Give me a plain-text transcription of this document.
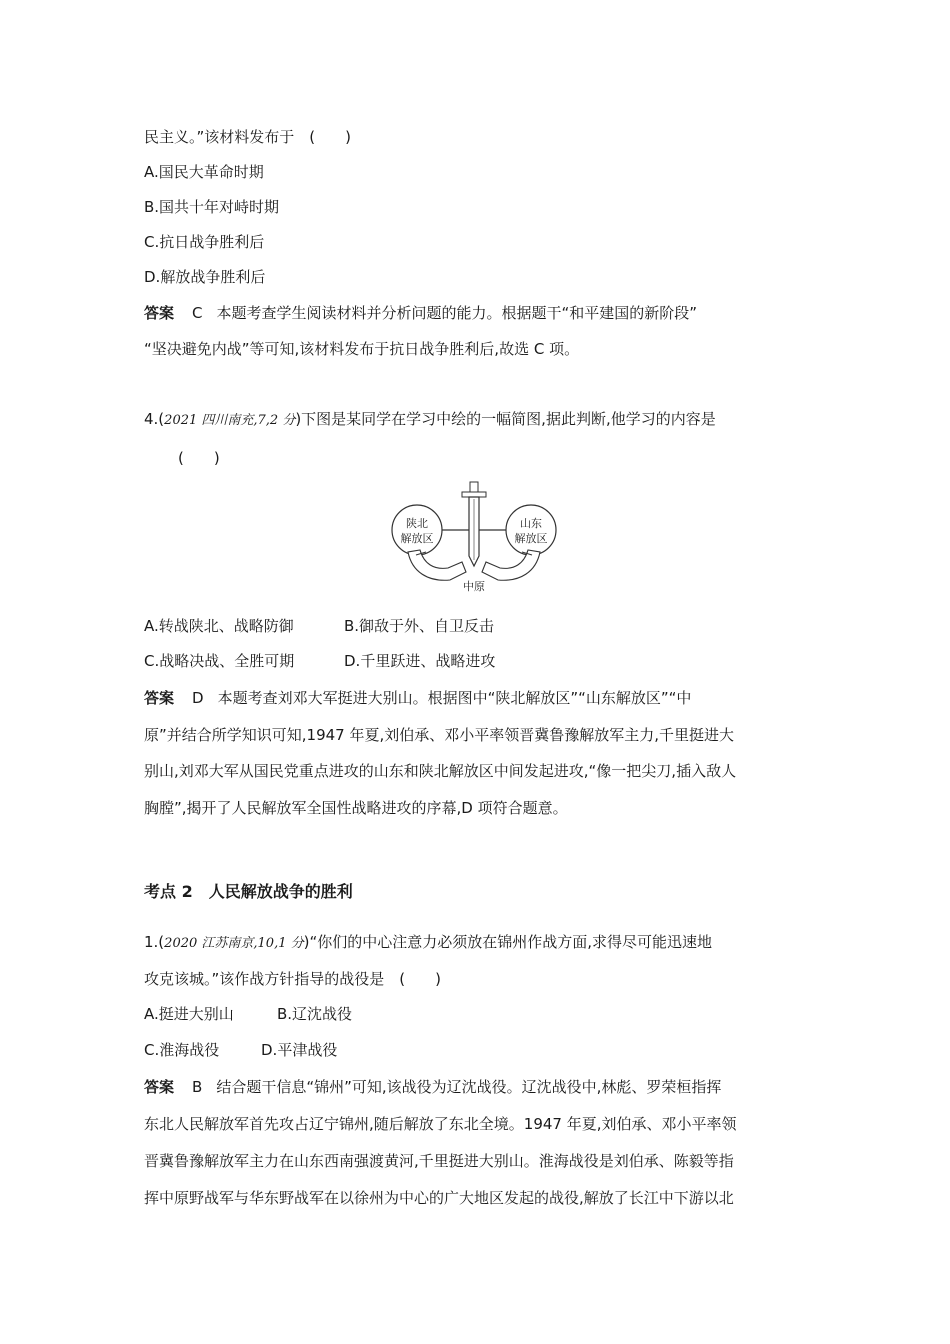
民主义。”该材料发布于　(　　)
A.国民大革命时期
B.国共十年对峙时期
C.抗日战争胜利后
D.解放战争胜利后
答案 C 本题考查学生阅读材料并分析问题的能力。根据题干“和平建国的新阶段”
“坚决避免内战”等可知,该材料发布于抗日战争胜利后,故选 C 项。
4.(2021 四川南充,7,2 分)下图是某同学在学习中绘的一幅简图,据此判断,他学习的内容是
(　　)
陕北
解放区
山东
解放区
中原
A.转战陕北、战略防御	B.御敌于外、自卫反击
C.战略决战、全胜可期	D.千里跃进、战略进攻
答案 D 本题考查刘邓大军挺进大别山。根据图中“陕北解放区”“山东解放区”“中
原”并结合所学知识可知,1947 年夏,刘伯承、邓小平率领晋冀鲁豫解放军主力,千里挺进大
别山,刘邓大军从国民党重点进攻的山东和陕北解放区中间发起进攻,“像一把尖刀,插入敌人
胸膛”,揭开了人民解放军全国性战略进攻的序幕,D 项符合题意。
考点 2　人民解放战争的胜利
1.(2020 江苏南京,10,1 分)“你们的中心注意力必须放在锦州作战方面,求得尽可能迅速地
攻克该城。”该作战方针指导的战役是　(　　)
A.挺进大别山	B.辽沈战役
C.淮海战役	D.平津战役
答案 B 结合题干信息“锦州”可知,该战役为辽沈战役。辽沈战役中,林彪、罗荣桓指挥
东北人民解放军首先攻占辽宁锦州,随后解放了东北全境。1947 年夏,刘伯承、邓小平率领
晋冀鲁豫解放军主力在山东西南强渡黄河,千里挺进大别山。淮海战役是刘伯承、陈毅等指
挥中原野战军与华东野战军在以徐州为中心的广大地区发起的战役,解放了长江中下游以北
